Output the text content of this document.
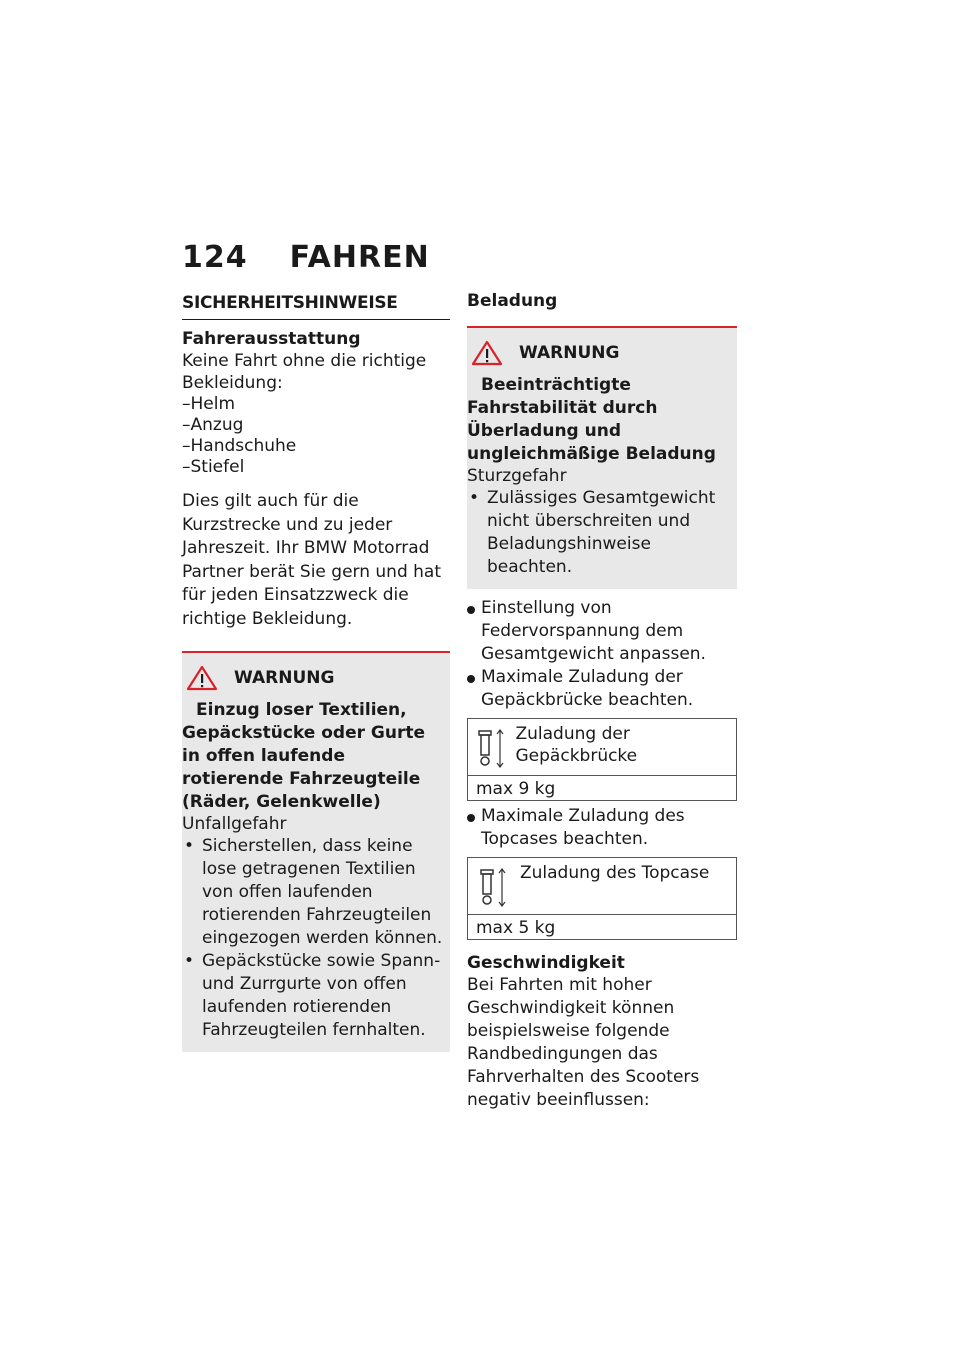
124 FAHREN
SICHERHEITSHINWEISE
Fahrerausstattung
Keine Fahrt ohne die richtige Bekleidung:
–Helm
–Anzug
–Handschuhe
–Stiefel
Dies gilt auch für die Kurzstrecke und zu jeder Jahreszeit. Ihr BMW Motorrad Partner berät Sie gern und hat für jeden Einsatzzweck die richtige Bekleidung.
WARNUNG
Einzug loser Textilien, Gepäckstücke oder Gurte in offen laufende rotierende Fahrzeugteile (Räder, Gelenkwelle)
Unfallgefahr
• Sicherstellen, dass keine lose getragenen Textilien von offen laufenden rotierenden Fahrzeugteilen eingezogen werden können.
• Gepäckstücke sowie Spann- und Zurrgurte von offen laufenden rotierenden Fahrzeugteilen fernhalten.
Beladung
WARNUNG
Beeinträchtigte Fahrstabilität durch Überladung und ungleichmäßige Beladung
Sturzgefahr
• Zulässiges Gesamtgewicht nicht überschreiten und Beladungshinweise beachten.
Einstellung von Federvorspannung dem Gesamtgewicht anpassen.
Maximale Zuladung der Gepäckbrücke beachten.
Zuladung der Gepäckbrücke
max 9 kg
Maximale Zuladung des Topcases beachten.
Zuladung des Topcase
max 5 kg
Geschwindigkeit
Bei Fahrten mit hoher Geschwindigkeit können beispielsweise folgende Randbedingungen das Fahrverhalten des Scooters negativ beeinflussen:
